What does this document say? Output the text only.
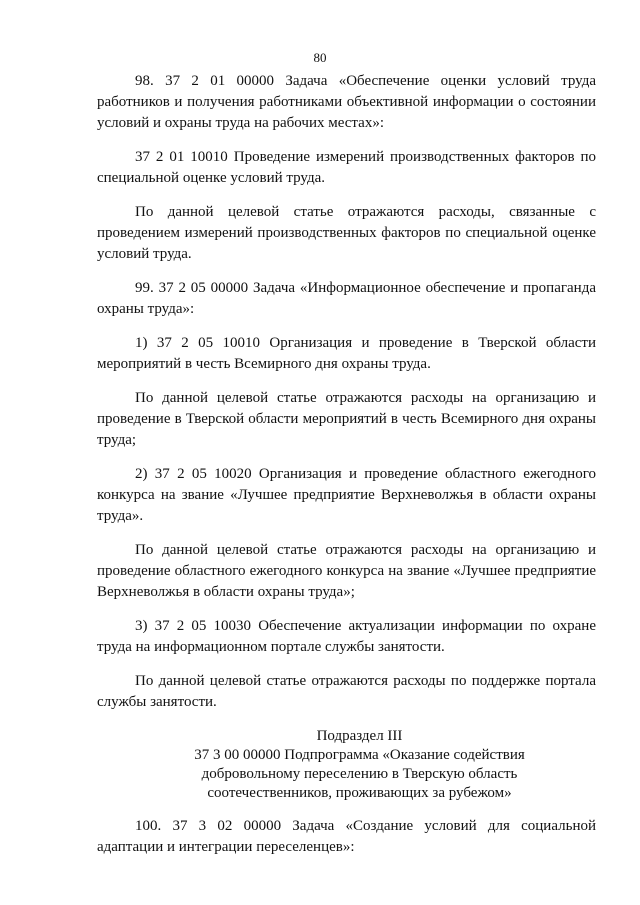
80

98. 37 2 01 00000 Задача «Обеспечение оценки условий труда работников и получения работниками объективной информации о состоянии условий и охраны труда на рабочих местах»:

37 2 01 10010 Проведение измерений производственных факторов по специальной оценке условий труда.

По данной целевой статье отражаются расходы, связанные с проведением измерений производственных факторов по специальной оценке условий труда.

99. 37 2 05 00000 Задача «Информационное обеспечение и пропаганда охраны труда»:

1) 37 2 05 10010 Организация и проведение в Тверской области мероприятий в честь Всемирного дня охраны труда.

По данной целевой статье отражаются расходы на организацию и проведение в Тверской области мероприятий в честь Всемирного дня охраны труда;

2) 37 2 05 10020 Организация и проведение областного ежегодного конкурса на звание «Лучшее предприятие Верхневолжья в области охраны труда».

По данной целевой статье отражаются расходы на организацию и проведение областного ежегодного конкурса на звание «Лучшее предприятие Верхневолжья в области охраны труда»;

3) 37 2 05 10030 Обеспечение актуализации информации по охране труда на информационном портале службы занятости.

По данной целевой статье отражаются расходы по поддержке портала службы занятости.

Подраздел III

37 3 00 00000 Подпрограмма «Оказание содействия

добровольному переселению в Тверскую область

соотечественников, проживающих за рубежом»

100. 37 3 02 00000 Задача «Создание условий для социальной адаптации и интеграции переселенцев»:
